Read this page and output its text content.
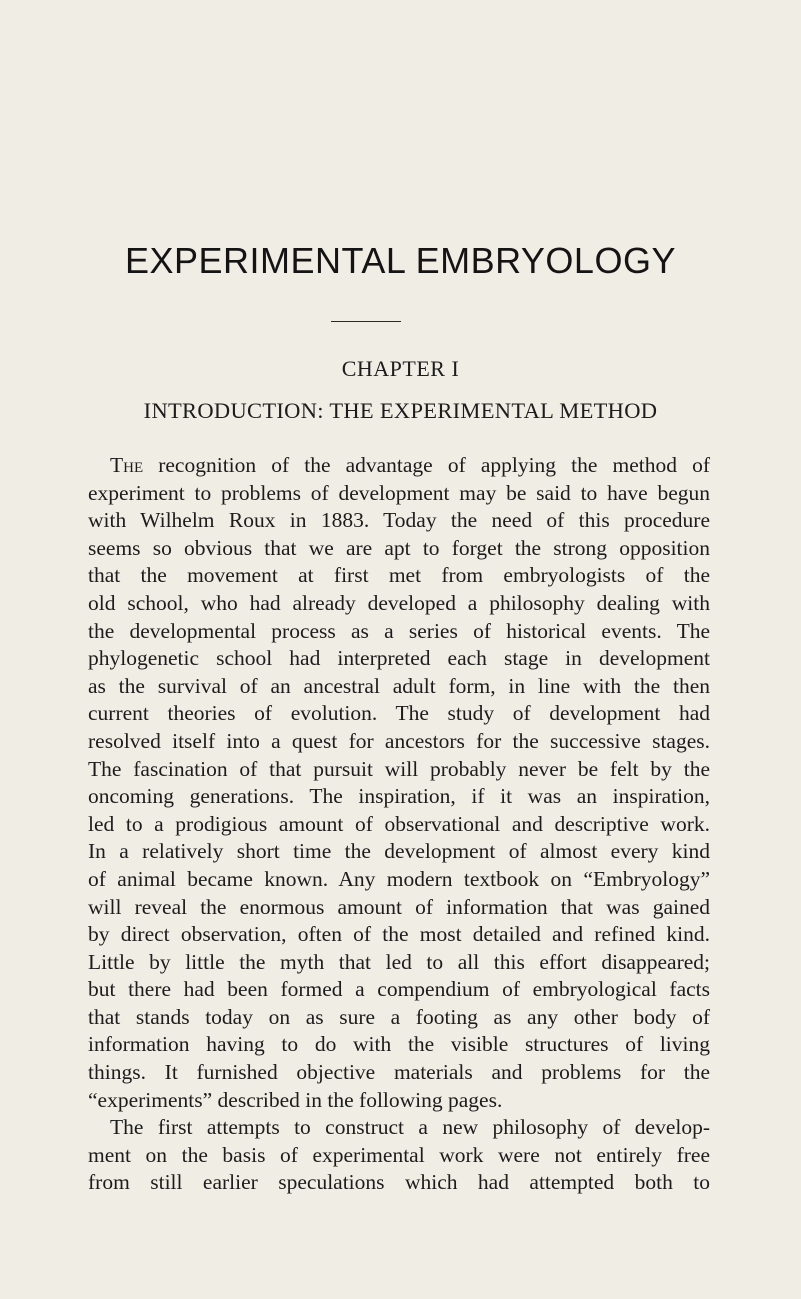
EXPERIMENTAL EMBRYOLOGY
CHAPTER I
INTRODUCTION: THE EXPERIMENTAL METHOD
The recognition of the advantage of applying the method of
experiment to problems of development may be said to have begun
with Wilhelm Roux in 1883. Today the need of this procedure
seems so obvious that we are apt to forget the strong opposition
that the movement at first met from embryologists of the
old school, who had already developed a philosophy dealing with
the developmental process as a series of historical events. The
phylogenetic school had interpreted each stage in development
as the survival of an ancestral adult form, in line with the then
current theories of evolution. The study of development had
resolved itself into a quest for ancestors for the successive stages.
The fascination of that pursuit will probably never be felt by the
oncoming generations. The inspiration, if it was an inspiration,
led to a prodigious amount of observational and descriptive work.
In a relatively short time the development of almost every kind
of animal became known. Any modern textbook on “Embryology”
will reveal the enormous amount of information that was gained
by direct observation, often of the most detailed and refined kind.
Little by little the myth that led to all this effort disappeared;
but there had been formed a compendium of embryological facts
that stands today on as sure a footing as any other body of
information having to do with the visible structures of living
things. It furnished objective materials and problems for the
“experiments” described in the following pages.
The first attempts to construct a new philosophy of develop-
ment on the basis of experimental work were not entirely free
from still earlier speculations which had attempted both to
